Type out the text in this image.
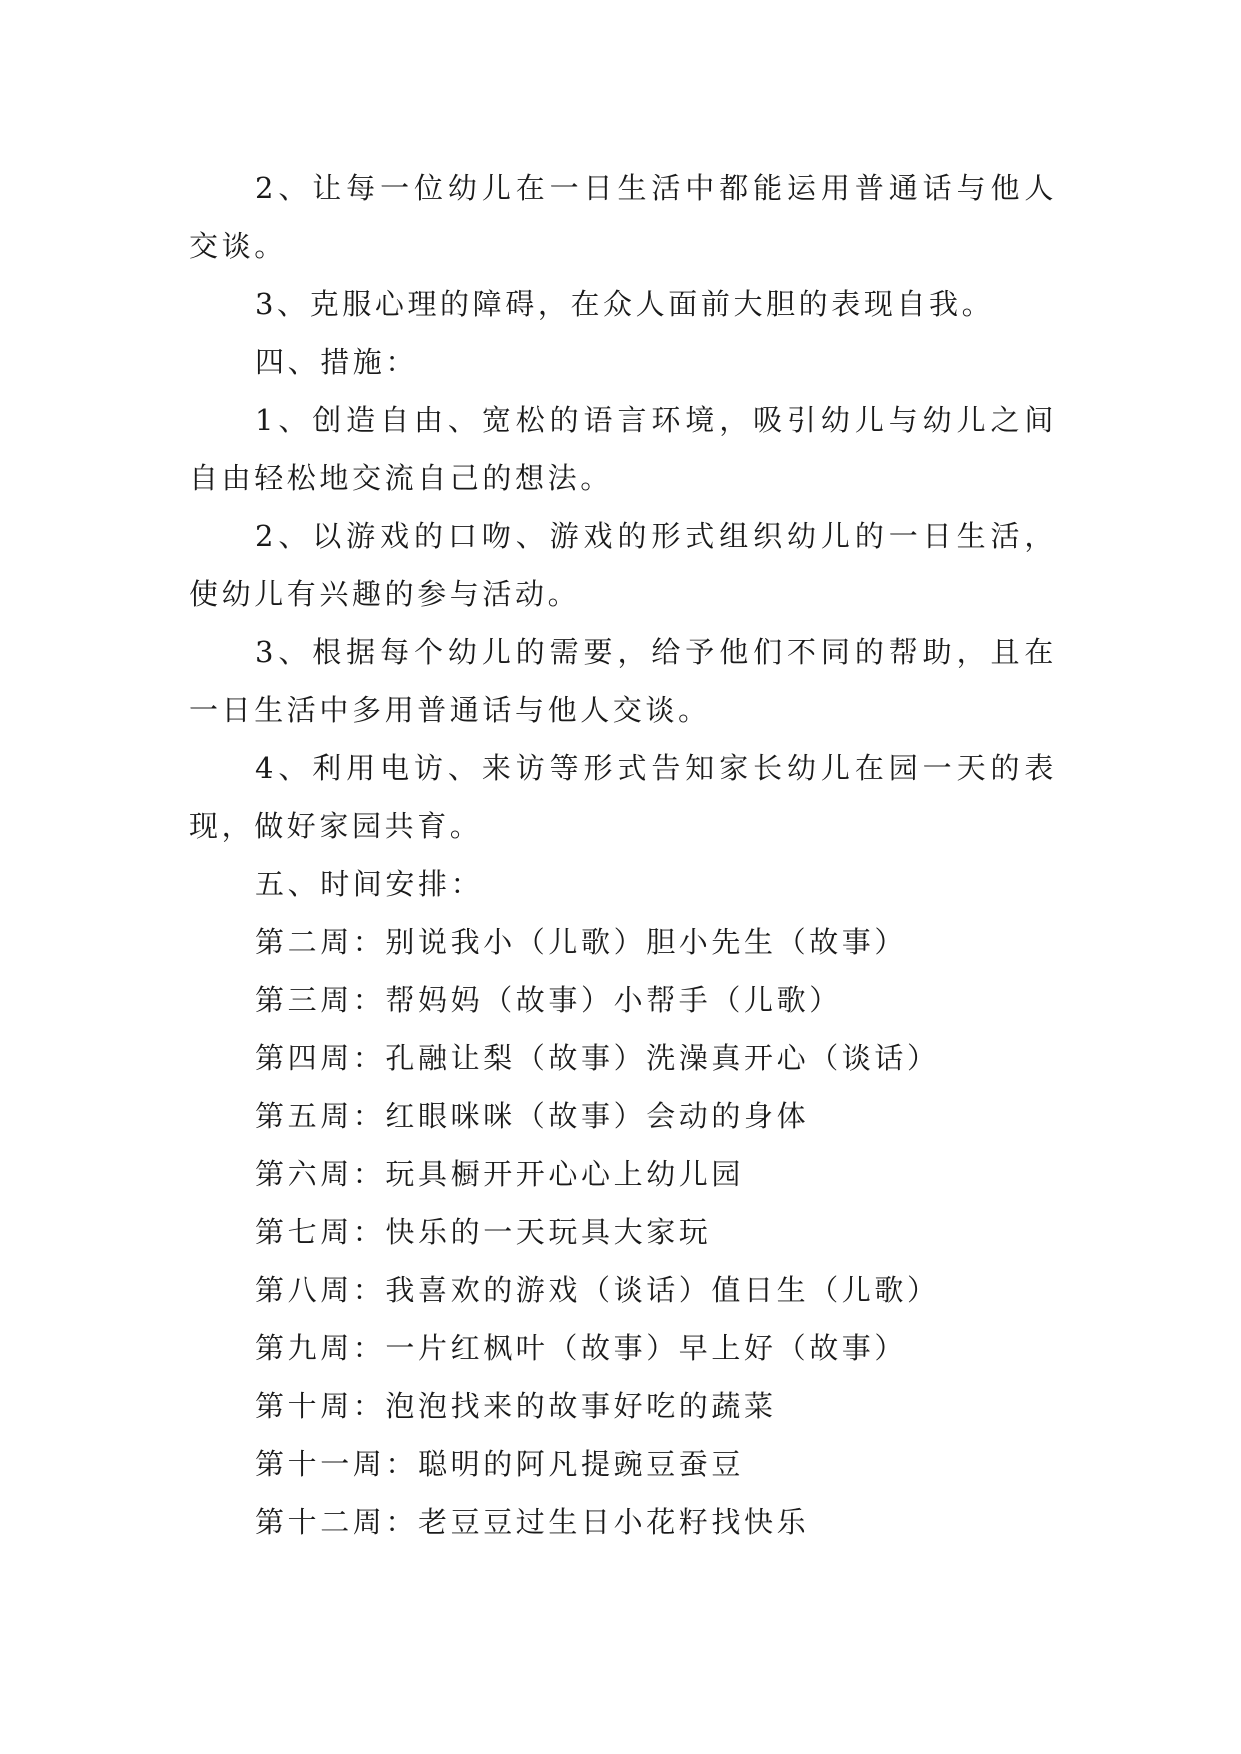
2、让每一位幼儿在一日生活中都能运用普通话与他人交谈。

3、克服心理的障碍，在众人面前大胆的表现自我。

四、措施：

1、创造自由、宽松的语言环境，吸引幼儿与幼儿之间自由轻松地交流自己的想法。

2、以游戏的口吻、游戏的形式组织幼儿的一日生活，使幼儿有兴趣的参与活动。

3、根据每个幼儿的需要，给予他们不同的帮助，且在一日生活中多用普通话与他人交谈。

4、利用电访、来访等形式告知家长幼儿在园一天的表现，做好家园共育。

五、时间安排：

第二周：别说我小（儿歌）胆小先生（故事）

第三周：帮妈妈（故事）小帮手（儿歌）

第四周：孔融让梨（故事）洗澡真开心（谈话）

第五周：红眼咪咪（故事）会动的身体

第六周：玩具橱开开心心上幼儿园

第七周：快乐的一天玩具大家玩

第八周：我喜欢的游戏（谈话）值日生（儿歌）

第九周：一片红枫叶（故事）早上好（故事）

第十周：泡泡找来的故事好吃的蔬菜

第十一周：聪明的阿凡提豌豆蚕豆

第十二周：老豆豆过生日小花籽找快乐
